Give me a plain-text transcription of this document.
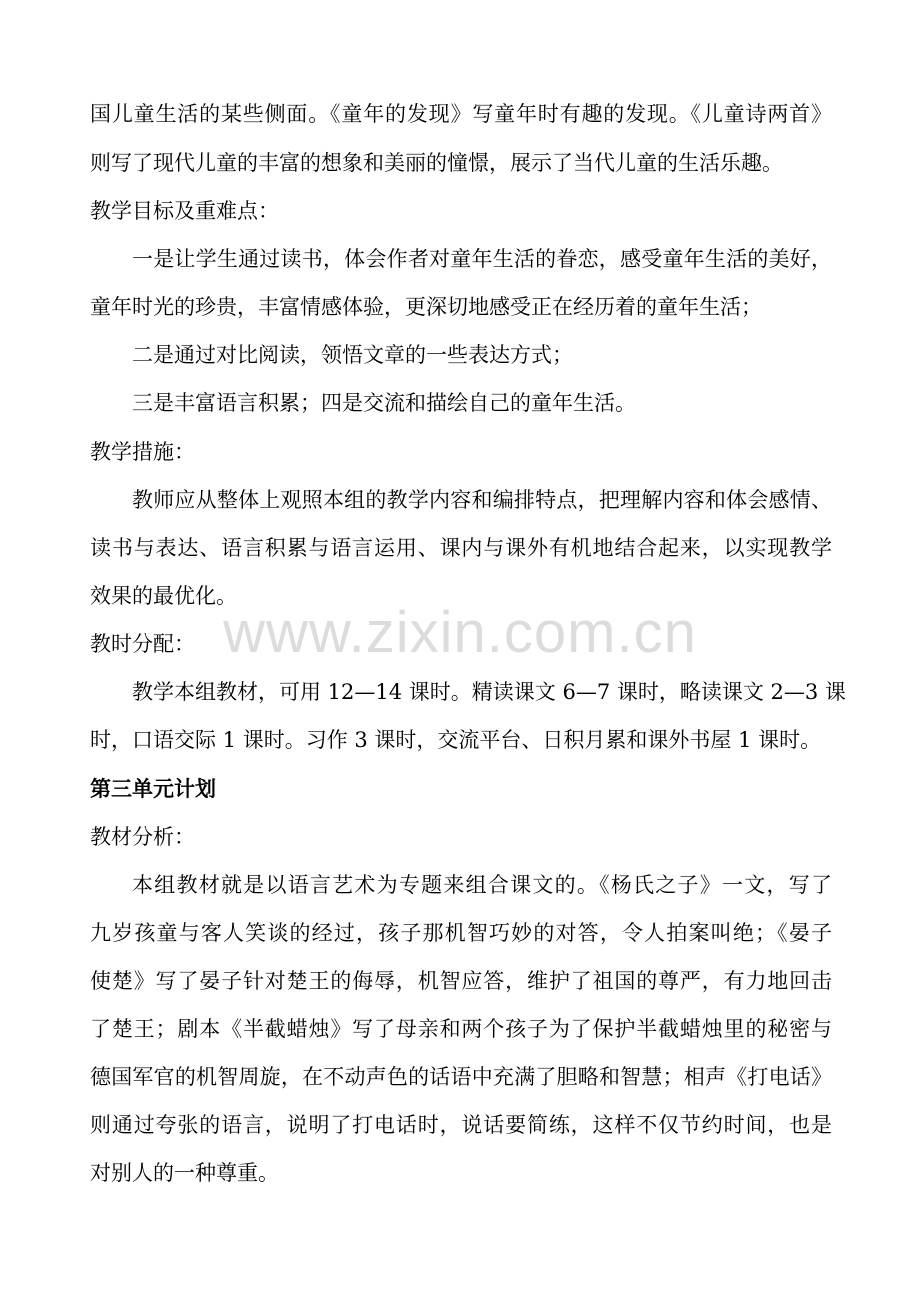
www.zixin.com.cn
国儿童生活的某些侧面。《童年的发现》写童年时有趣的发现。《儿童诗两首》
则写了现代儿童的丰富的想象和美丽的憧憬，展示了当代儿童的生活乐趣。
教学目标及重难点：
一是让学生通过读书，体会作者对童年生活的眷恋，感受童年生活的美好，
童年时光的珍贵，丰富情感体验，更深切地感受正在经历着的童年生活；
二是通过对比阅读，领悟文章的一些表达方式；
三是丰富语言积累；四是交流和描绘自己的童年生活。
教学措施：
教师应从整体上观照本组的教学内容和编排特点，把理解内容和体会感情、
读书与表达、语言积累与语言运用、课内与课外有机地结合起来，以实现教学
效果的最优化。
教时分配：
教学本组教材，可用 12—14 课时。精读课文 6—7 课时，略读课文 2—3 课
时，口语交际 1 课时。习作 3 课时，交流平台、日积月累和课外书屋 1 课时。
第三单元计划
教材分析：
本组教材就是以语言艺术为专题来组合课文的。《杨氏之子》一文，写了
九岁孩童与客人笑谈的经过，孩子那机智巧妙的对答，令人拍案叫绝；《晏子
使楚》写了晏子针对楚王的侮辱，机智应答，维护了祖国的尊严，有力地回击
了楚王；剧本《半截蜡烛》写了母亲和两个孩子为了保护半截蜡烛里的秘密与
德国军官的机智周旋，在不动声色的话语中充满了胆略和智慧；相声《打电话》
则通过夸张的语言，说明了打电话时，说话要简练，这样不仅节约时间，也是
对别人的一种尊重。
